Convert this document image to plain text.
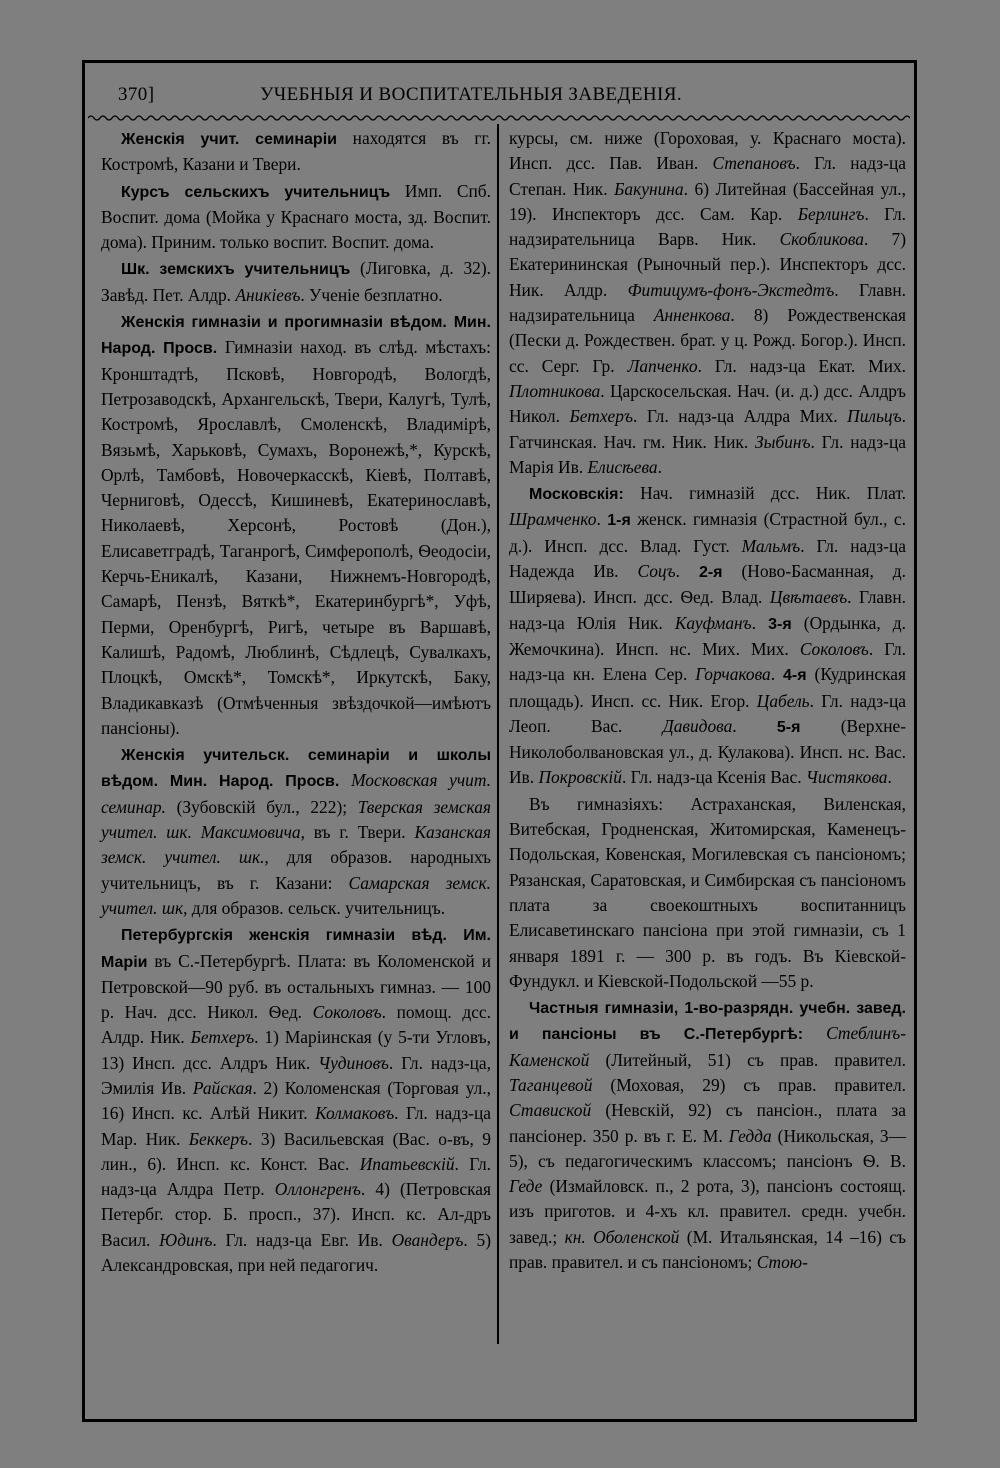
370]	УЧЕБНЫЯ И ВОСПИТАТЕЛЬНЫЯ ЗАВЕДЕНІЯ.

Женскія учит. семинаріи находятся въ гг. Костромѣ, Казани и Твери.

Курсъ сельскихъ учительницъ Имп. Спб. Воспит. дома (Мойка у Краснаго моста, зд. Воспит. дома). Приним. только воспит. Воспит. дома.

Шк. земскихъ учительницъ (Лиговка, д. 32). Завѣд. Пет. Алдр. Аникіевъ. Ученіе безплатно.

Женскія гимназіи и прогимназіи вѣдом. Мин. Народ. Просв. Гимназіи наход. въ слѣд. мѣстахъ: Кронштадтѣ, Псковѣ, Новгородѣ, Вологдѣ, Петрозаводскѣ, Архангельскѣ, Твери, Калугѣ, Тулѣ, Костромѣ, Ярославлѣ, Смоленскѣ, Владимірѣ, Вязьмѣ, Харьковѣ, Сумахъ, Воронежѣ,*, Курскѣ, Орлѣ, Тамбовѣ, Новочеркасскѣ, Кіевѣ, Полтавѣ, Черниговѣ, Одессѣ, Кишиневѣ, Екатеринославѣ, Николаевѣ, Херсонѣ, Ростовѣ (Дон.), Елисаветградѣ, Таганрогѣ, Симферополѣ, Ѳеодосіи, Керчь-Еникалѣ, Казани, Нижнемъ-Новгородѣ, Самарѣ, Пензѣ, Вяткѣ*, Екатеринбургѣ*, Уфѣ, Перми, Оренбургѣ, Ригѣ, четыре въ Варшавѣ, Калишѣ, Радомѣ, Люблинѣ, Сѣдлецѣ, Сувалкахъ, Плоцкѣ, Омскѣ*, Томскѣ*, Иркутскѣ, Баку, Владикавказѣ (Отмѣченныя звѣздочкой—имѣютъ пансіоны).

Женскія учительск. семинаріи и школы вѣдом. Мин. Народ. Просв. Московская учит. семинар. (Зубовскій бул., 222); Тверская земская учител. шк. Максимовича, въ г. Твери. Казанская земск. учител. шк., для образов. народныхъ учительницъ, въ г. Казани: Самарская земск. учител. шк, для образов. сельск. учительницъ.

Петербургскія женскія гимназіи вѣд. Им. Маріи въ С.-Петербургѣ. Плата: въ Коломенской и Петровской—90 руб. въ остальныхъ гимназ. — 100 р. Нач. дсс. Никол. Ѳед. Соколовъ. помощ. дсс. Алдр. Ник. Бетхеръ. 1) Маріинская (у 5-ти Угловъ, 13) Инсп. дсс. Алдръ Ник. Чудиновъ. Гл. надз-ца, Эмилія Ив. Райская. 2) Коломенская (Торговая ул., 16) Инсп. кс. Алѣй Никит. Колмаковъ. Гл. надз-ца Мар. Ник. Беккеръ. 3) Васильевская (Вас. о-въ, 9 лин., 6). Инсп. кс. Конст. Вас. Ипатьевскій. Гл. надз-ца Алдра Петр. Оллонгренъ. 4) (Петровская Петербг. стор. Б. просп., 37). Инсп. кс. Ал-дръ Васил. Юдинъ. Гл. надз-ца Евг. Ив. Овандеръ. 5) Александровская, при ней педагогич.

курсы, см. ниже (Гороховая, у. Краснаго моста). Инсп. дсс. Пав. Иван. Степановъ. Гл. надз-ца Степан. Ник. Бакунина. 6) Литейная (Бассейная ул., 19). Инспекторъ дсс. Сам. Кар. Берлингъ. Гл. надзирательница Варв. Ник. Скобликова. 7) Екатерининская (Рыночный пер.). Инспекторъ дсс. Ник. Алдр. Фитицумъ-фонъ-Экстедтъ. Главн. надзирательница Анненкова. 8) Рождественская (Пески д. Рождествен. брат. у ц. Рожд. Богор.). Инсп. сс. Серг. Гр. Лапченко. Гл. надз-ца Екат. Мих. Плотникова. Царскосельская. Нач. (и. д.) дсс. Алдръ Никол. Бетхеръ. Гл. надз-ца Алдра Мих. Пильцъ. Гатчинская. Нач. гм. Ник. Ник. Зыбинъ. Гл. надз-ца Марія Ив. Елисѣева.

Московскія: Нач. гимназій дсс. Ник. Плат. Шрамченко. 1-я женск. гимназія (Страстной бул., с. д.). Инсп. дсс. Влад. Густ. Мальмъ. Гл. надз-ца Надежда Ив. Соцъ. 2-я (Ново-Басманная, д. Ширяева). Инсп. дсс. Ѳед. Влад. Цвѣтаевъ. Главн. надз-ца Юлія Ник. Кауфманъ. 3-я (Ордынка, д. Жемочкина). Инсп. нс. Мих. Мих. Соколовъ. Гл. надз-ца кн. Елена Сер. Горчакова. 4-я (Кудринская площадь). Инсп. сс. Ник. Егор. Цабель. Гл. надз-ца Леоп. Вас. Давидова. 5-я (Верхне-Николоболвановская ул., д. Кулакова). Инсп. нс. Вас. Ив. Покровскій. Гл. надз-ца Ксенія Вас. Чистякова.

Въ гимназіяхъ: Астраханская, Виленская, Витебская, Гродненская, Житомирская, Каменецъ-Подольская, Ковенская, Могилевская съ пансіономъ; Рязанская, Саратовская, и Симбирская съ пансіономъ плата за своекоштныхъ воспитанницъ Елисаветинскаго пансіона при этой гимназіи, съ 1 января 1891 г. — 300 р. въ годъ. Въ Кіевской-Фундукл. и Кіевской-Подольской —55 р.

Частныя гимназіи, 1-во-разрядн. учебн. завед. и пансіоны въ С.-Петербургѣ: Стеблинъ-Каменской (Литейный, 51) съ прав. правител. Таганцевой (Моховая, 29) съ прав. правител. Ставиской (Невскій, 92) съ пансіон., плата за пансіонер. 350 р. въ г. Е. М. Гедда (Никольская, 3—5), съ педагогическимъ классомъ; пансіонъ Ѳ. В. Геде (Измайловск. п., 2 рота, 3), пансіонъ состоящ. изъ приготов. и 4-хъ кл. правител. средн. учебн. завед.; кн. Оболенской (М. Итальянская, 14 –16) съ прав. правител. и съ пансіономъ; Стою-
